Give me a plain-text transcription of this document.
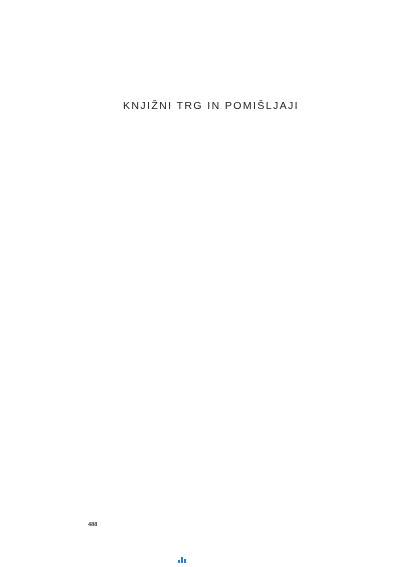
KNJIŽNI TRG IN POMIŠLJAJI

488
